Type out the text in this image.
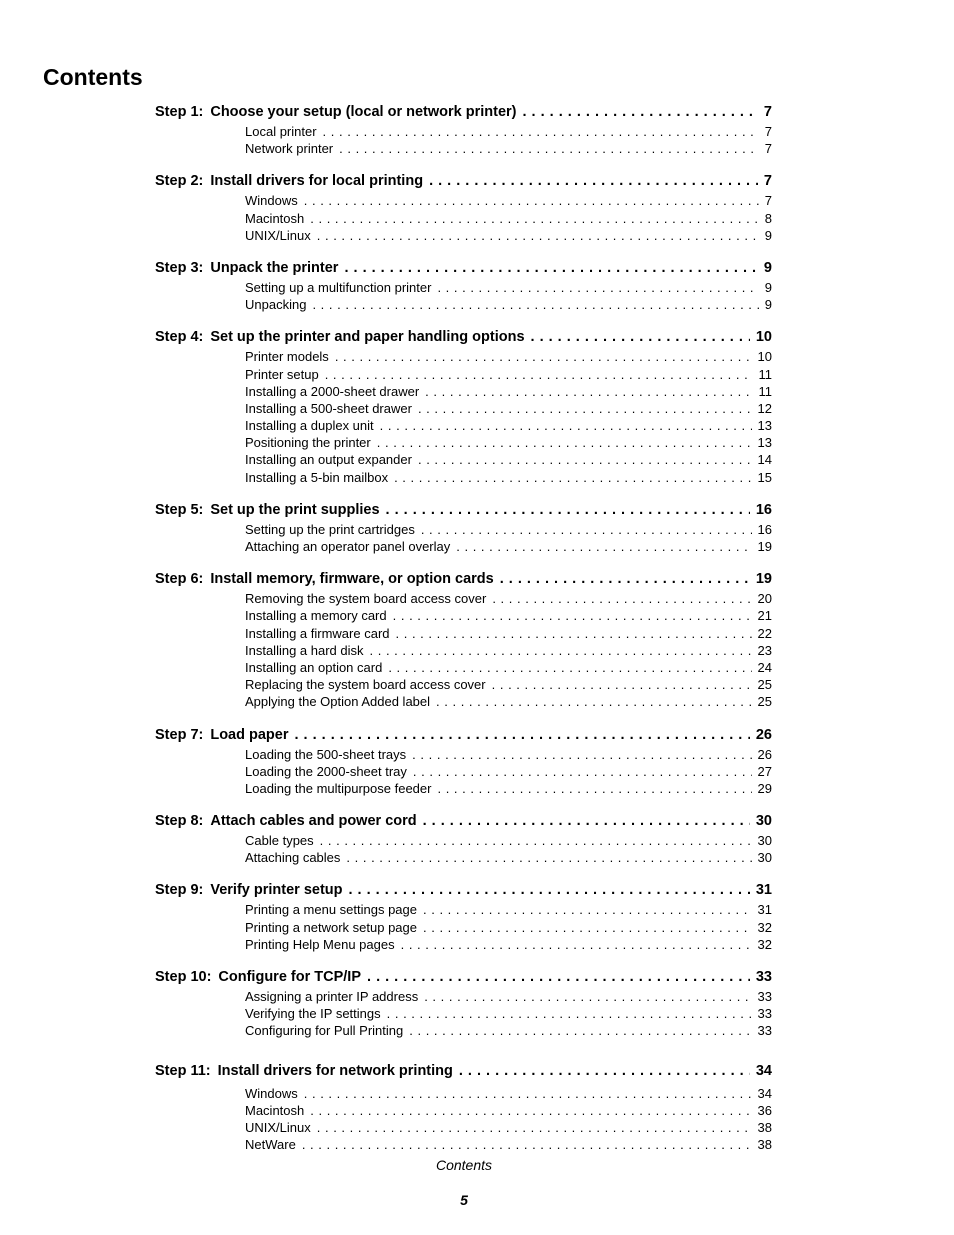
Contents
Step 1: Choose your setup (local or network printer) . . .	7
Local printer . . .	7
Network printer . . .	7
Step 2: Install drivers for local printing . . .	7
Windows . . .	7
Macintosh . . .	8
UNIX/Linux . . .	9
Step 3: Unpack the printer . . .	9
Setting up a multifunction printer . . .	9
Unpacking . . .	9
Step 4: Set up the printer and paper handling options . . .	10
Printer models . . .	10
Printer setup . . .	11
Installing a 2000-sheet drawer . . .	11
Installing a 500-sheet drawer . . .	12
Installing a duplex unit . . .	13
Positioning the printer . . .	13
Installing an output expander . . .	14
Installing a 5-bin mailbox . . .	15
Step 5: Set up the print supplies . . .	16
Setting up the print cartridges . . .	16
Attaching an operator panel overlay . . .	19
Step 6: Install memory, firmware, or option cards . . .	19
Removing the system board access cover . . .	20
Installing a memory card . . .	21
Installing a firmware card . . .	22
Installing a hard disk . . .	23
Installing an option card . . .	24
Replacing the system board access cover . . .	25
Applying the Option Added label . . .	25
Step 7: Load paper . . .	26
Loading the 500-sheet trays . . .	26
Loading the 2000-sheet tray . . .	27
Loading the multipurpose feeder . . .	29
Step 8: Attach cables and power cord . . .	30
Cable types . . .	30
Attaching cables . . .	30
Step 9: Verify printer setup . . .	31
Printing a menu settings page . . .	31
Printing a network setup page . . .	32
Printing Help Menu pages . . .	32
Step 10: Configure for TCP/IP . . .	33
Assigning a printer IP address . . .	33
Verifying the IP settings . . .	33
Configuring for Pull Printing . . .	33
Step 11: Install drivers for network printing . . .	34
Windows . . .	34
Macintosh . . .	36
UNIX/Linux . . .	38
NetWare . . .	38
Contents
5
